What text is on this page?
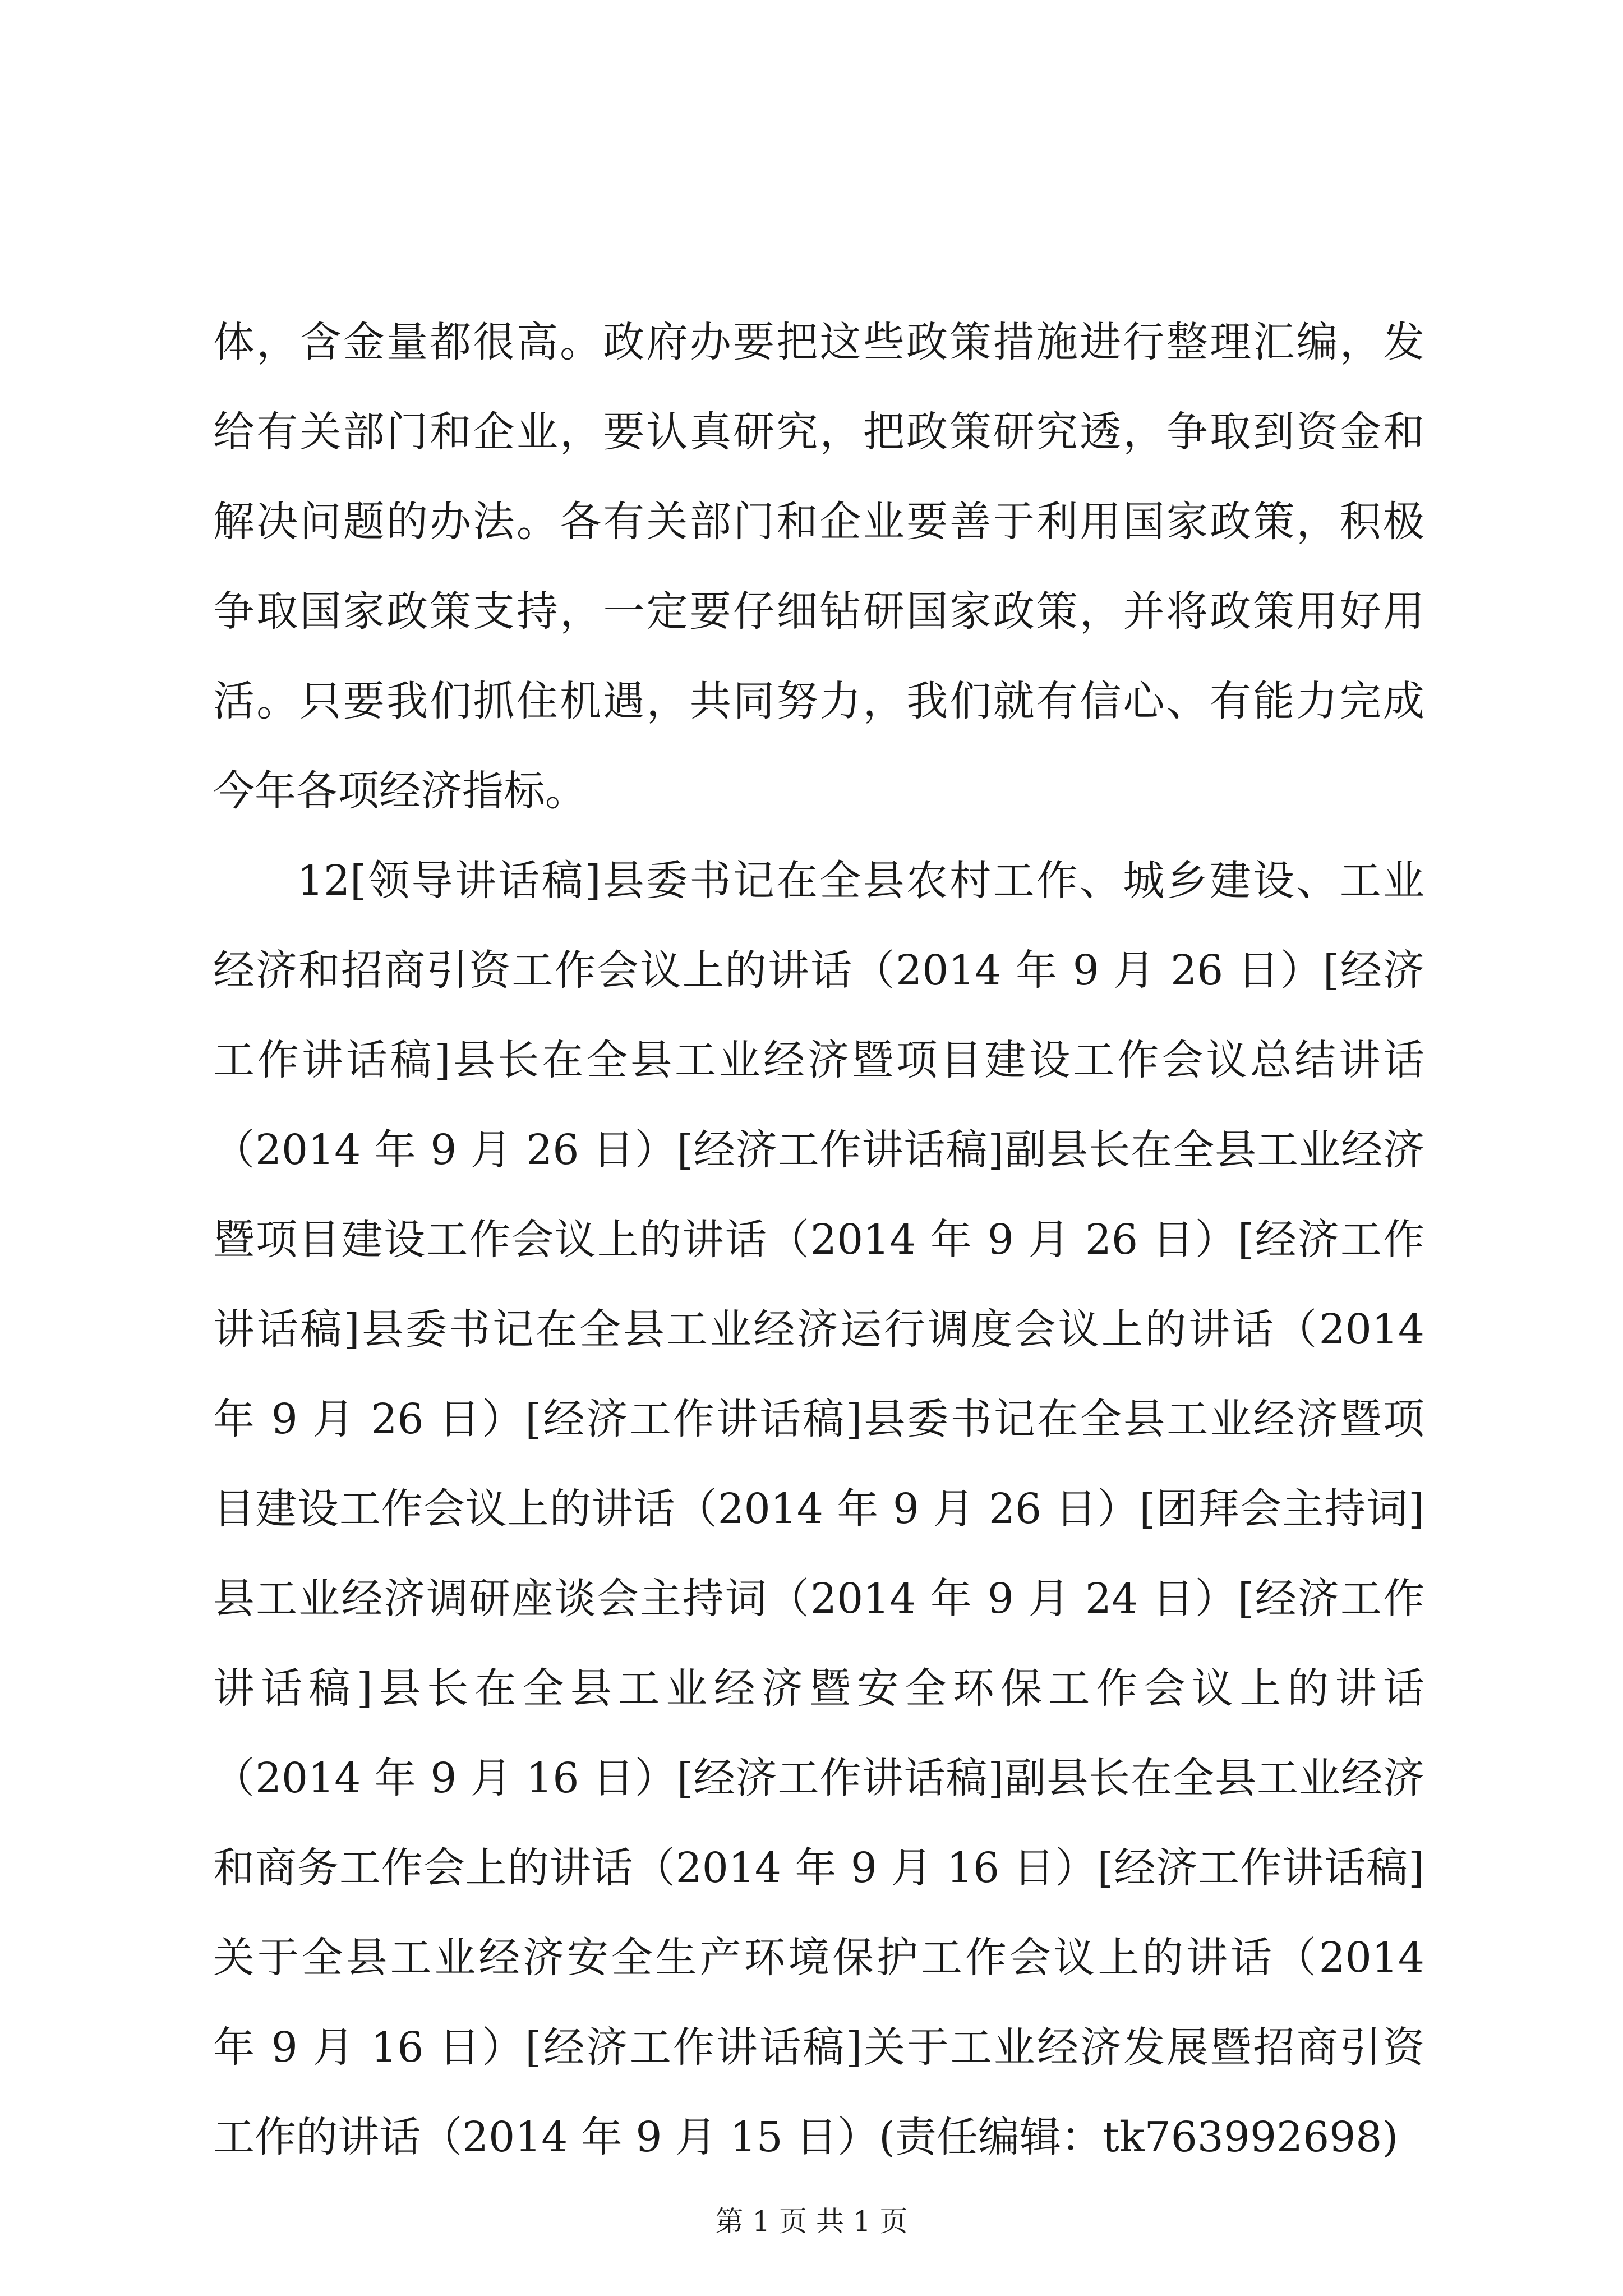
体，含金量都很高。政府办要把这些政策措施进行整理汇编，发
给有关部门和企业，要认真研究，把政策研究透，争取到资金和
解决问题的办法。各有关部门和企业要善于利用国家政策，积极
争取国家政策支持，一定要仔细钻研国家政策，并将政策用好用
活。只要我们抓住机遇，共同努力，我们就有信心、有能力完成
今年各项经济指标。
12[领导讲话稿]县委书记在全县农村工作、城乡建设、工业
经济和招商引资工作会议上的讲话（2014 年 9 月 26 日）[经济
工作讲话稿]县长在全县工业经济暨项目建设工作会议总结讲话
（2014 年 9 月 26 日）[经济工作讲话稿]副县长在全县工业经济
暨项目建设工作会议上的讲话（2014 年 9 月 26 日）[经济工作
讲话稿]县委书记在全县工业经济运行调度会议上的讲话（2014
年 9 月 26 日）[经济工作讲话稿]县委书记在全县工业经济暨项
目建设工作会议上的讲话（2014 年 9 月 26 日）[团拜会主持词]
县工业经济调研座谈会主持词（2014 年 9 月 24 日）[经济工作
讲话稿]县长在全县工业经济暨安全环保工作会议上的讲话
（2014 年 9 月 16 日）[经济工作讲话稿]副县长在全县工业经济
和商务工作会上的讲话（2014 年 9 月 16 日）[经济工作讲话稿]
关于全县工业经济安全生产环境保护工作会议上的讲话（2014
年 9 月 16 日）[经济工作讲话稿]关于工业经济发展暨招商引资
工作的讲话（2014 年 9 月 15 日）(责任编辑：tk763992698)
第 1 页 共 1 页
